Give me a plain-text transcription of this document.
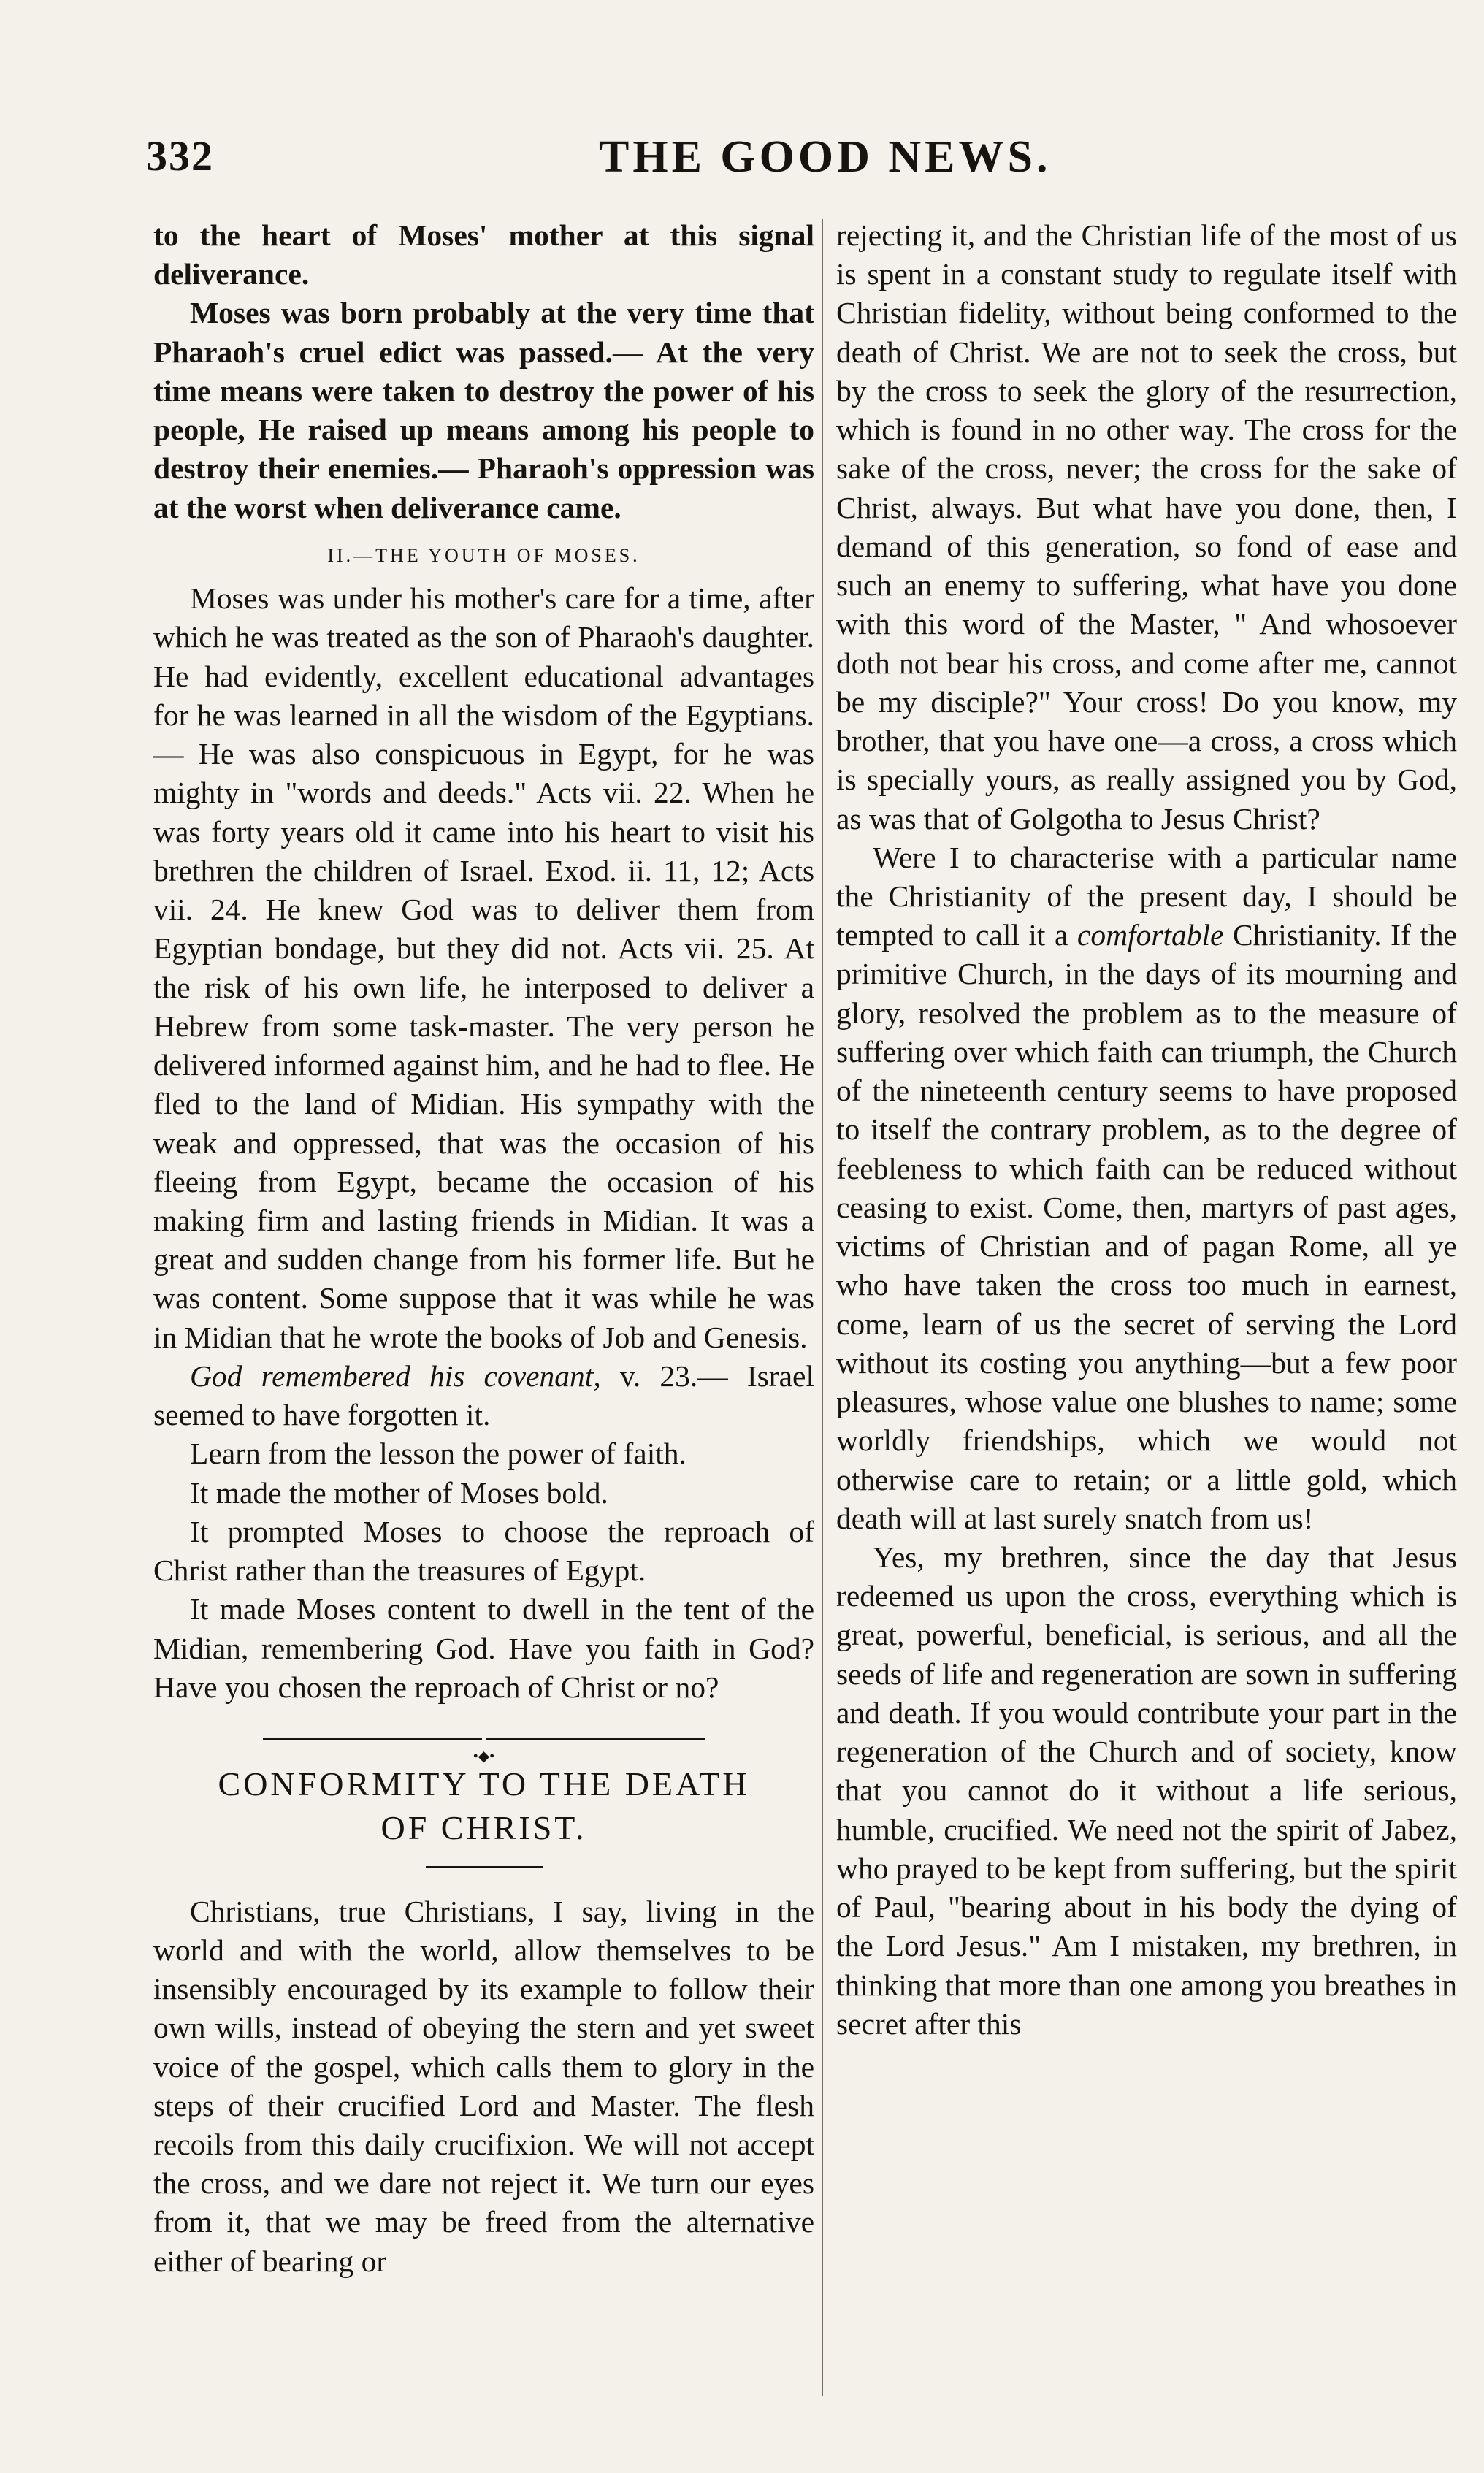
332	THE GOOD NEWS.

to the heart of Moses' mother at this signal deliverance.

Moses was born probably at the very time that Pharaoh's cruel edict was passed.— At the very time means were taken to destroy the power of his people, He raised up means among his people to destroy their enemies.— Pharaoh's oppression was at the worst when deliverance came.

II.—THE YOUTH OF MOSES.

Moses was under his mother's care for a time, after which he was treated as the son of Pharaoh's daughter. He had evidently, excellent educational advantages for he was learned in all the wisdom of the Egyptians.— He was also conspicuous in Egypt, for he was mighty in "words and deeds." Acts vii. 22. When he was forty years old it came into his heart to visit his brethren the children of Israel. Exod. ii. 11, 12; Acts vii. 24. He knew God was to deliver them from Egyptian bondage, but they did not. Acts vii. 25. At the risk of his own life, he interposed to deliver a Hebrew from some task-master. The very person he delivered informed against him, and he had to flee. He fled to the land of Midian. His sympathy with the weak and oppressed, that was the occasion of his fleeing from Egypt, became the occasion of his making firm and lasting friends in Midian. It was a great and sudden change from his former life. But he was content. Some suppose that it was while he was in Midian that he wrote the books of Job and Genesis.

God remembered his covenant, v. 23.— Israel seemed to have forgotten it.

Learn from the lesson the power of faith.

It made the mother of Moses bold.

It prompted Moses to choose the reproach of Christ rather than the treasures of Egypt.

It made Moses content to dwell in the tent of the Midian, remembering God. Have you faith in God? Have you chosen the reproach of Christ or no?

•◆•
CONFORMITY TO THE DEATH
OF CHRIST.

Christians, true Christians, I say, living in the world and with the world, allow themselves to be insensibly encouraged by its example to follow their own wills, instead of obeying the stern and yet sweet voice of the gospel, which calls them to glory in the steps of their crucified Lord and Master. The flesh recoils from this daily crucifixion. We will not accept the cross, and we dare not reject it. We turn our eyes from it, that we may be freed from the alternative either of bearing or

rejecting it, and the Christian life of the most of us is spent in a constant study to regulate itself with Christian fidelity, without being conformed to the death of Christ. We are not to seek the cross, but by the cross to seek the glory of the resurrection, which is found in no other way. The cross for the sake of the cross, never; the cross for the sake of Christ, always. But what have you done, then, I demand of this generation, so fond of ease and such an enemy to suffering, what have you done with this word of the Master, " And whosoever doth not bear his cross, and come after me, cannot be my disciple?" Your cross! Do you know, my brother, that you have one—a cross, a cross which is specially yours, as really assigned you by God, as was that of Golgotha to Jesus Christ?

Were I to characterise with a particular name the Christianity of the present day, I should be tempted to call it a comfortable Christianity. If the primitive Church, in the days of its mourning and glory, resolved the problem as to the measure of suffering over which faith can triumph, the Church of the nineteenth century seems to have proposed to itself the contrary problem, as to the degree of feebleness to which faith can be reduced without ceasing to exist. Come, then, martyrs of past ages, victims of Christian and of pagan Rome, all ye who have taken the cross too much in earnest, come, learn of us the secret of serving the Lord without its costing you anything—but a few poor pleasures, whose value one blushes to name; some worldly friendships, which we would not otherwise care to retain; or a little gold, which death will at last surely snatch from us!

Yes, my brethren, since the day that Jesus redeemed us upon the cross, everything which is great, powerful, beneficial, is serious, and all the seeds of life and regeneration are sown in suffering and death. If you would contribute your part in the regeneration of the Church and of society, know that you cannot do it without a life serious, humble, crucified. We need not the spirit of Jabez, who prayed to be kept from suffering, but the spirit of Paul, "bearing about in his body the dying of the Lord Jesus." Am I mistaken, my brethren, in thinking that more than one among you breathes in secret after this
